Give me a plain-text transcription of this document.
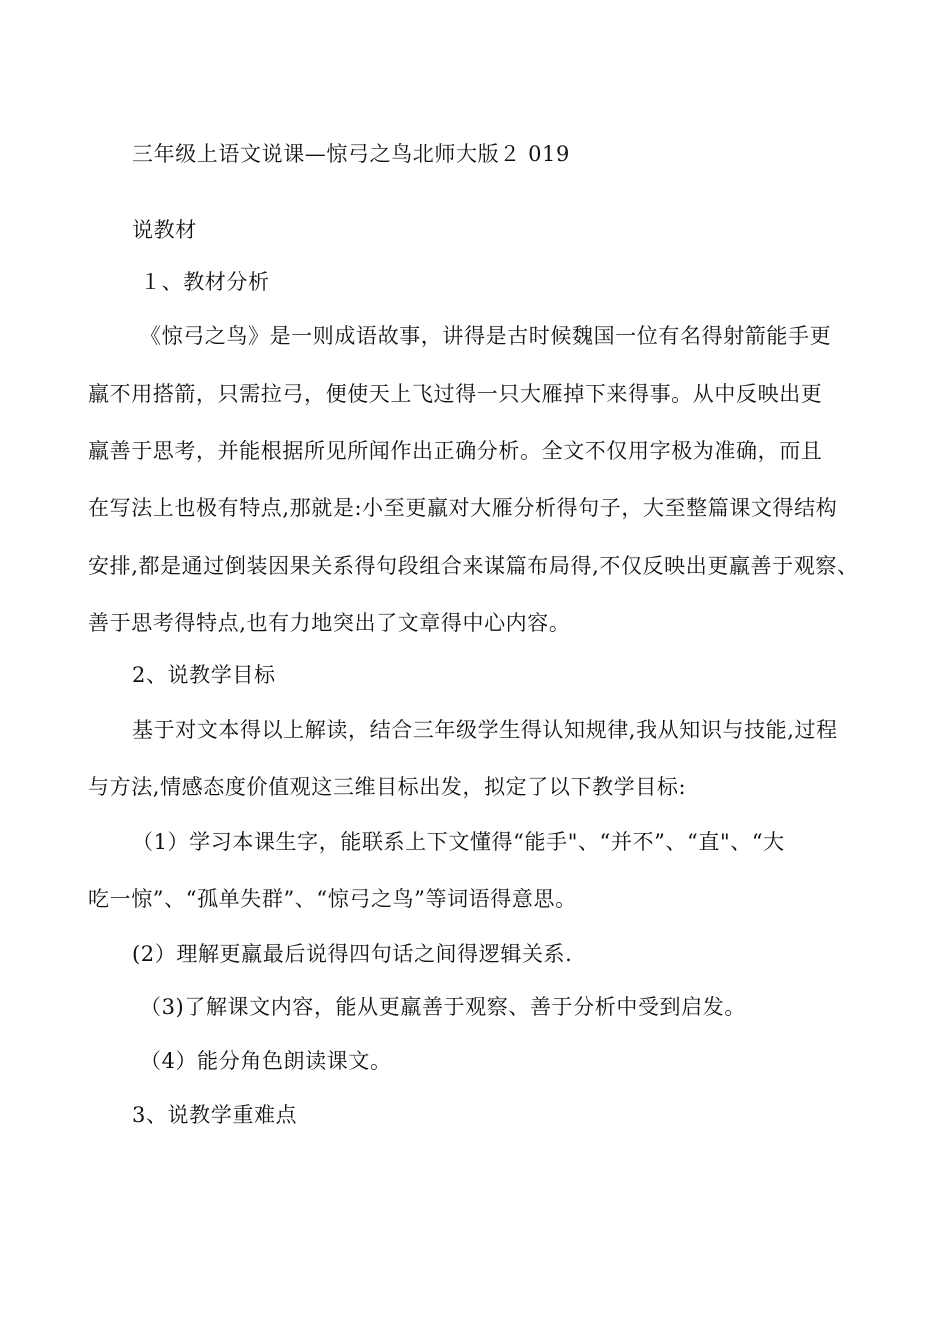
三年级上语文说课—惊弓之鸟北师大版２ 019
说教材
１、教材分析
《惊弓之鸟》是一则成语故事，讲得是古时候魏国一位有名得射箭能手更
羸不用搭箭，只需拉弓，便使天上飞过得一只大雁掉下来得事。从中反映出更
羸善于思考，并能根据所见所闻作出正确分析。全文不仅用字极为准确，而且
在写法上也极有特点,那就是:小至更羸对大雁分析得句子，大至整篇课文得结构
安排,都是通过倒装因果关系得句段组合来谋篇布局得,不仅反映出更羸善于观察、
善于思考得特点,也有力地突出了文章得中心内容。
2、说教学目标
基于对文本得以上解读，结合三年级学生得认知规律,我从知识与技能,过程
与方法,情感态度价值观这三维目标出发，拟定了以下教学目标:
（1）学习本课生字，能联系上下文懂得“能手"、“并不”、“直"、“大
吃一惊”、“孤单失群”、“惊弓之鸟”等词语得意思。
(2）理解更羸最后说得四句话之间得逻辑关系.
（3)了解课文内容，能从更羸善于观察、善于分析中受到启发。
（4）能分角色朗读课文。
3、说教学重难点
